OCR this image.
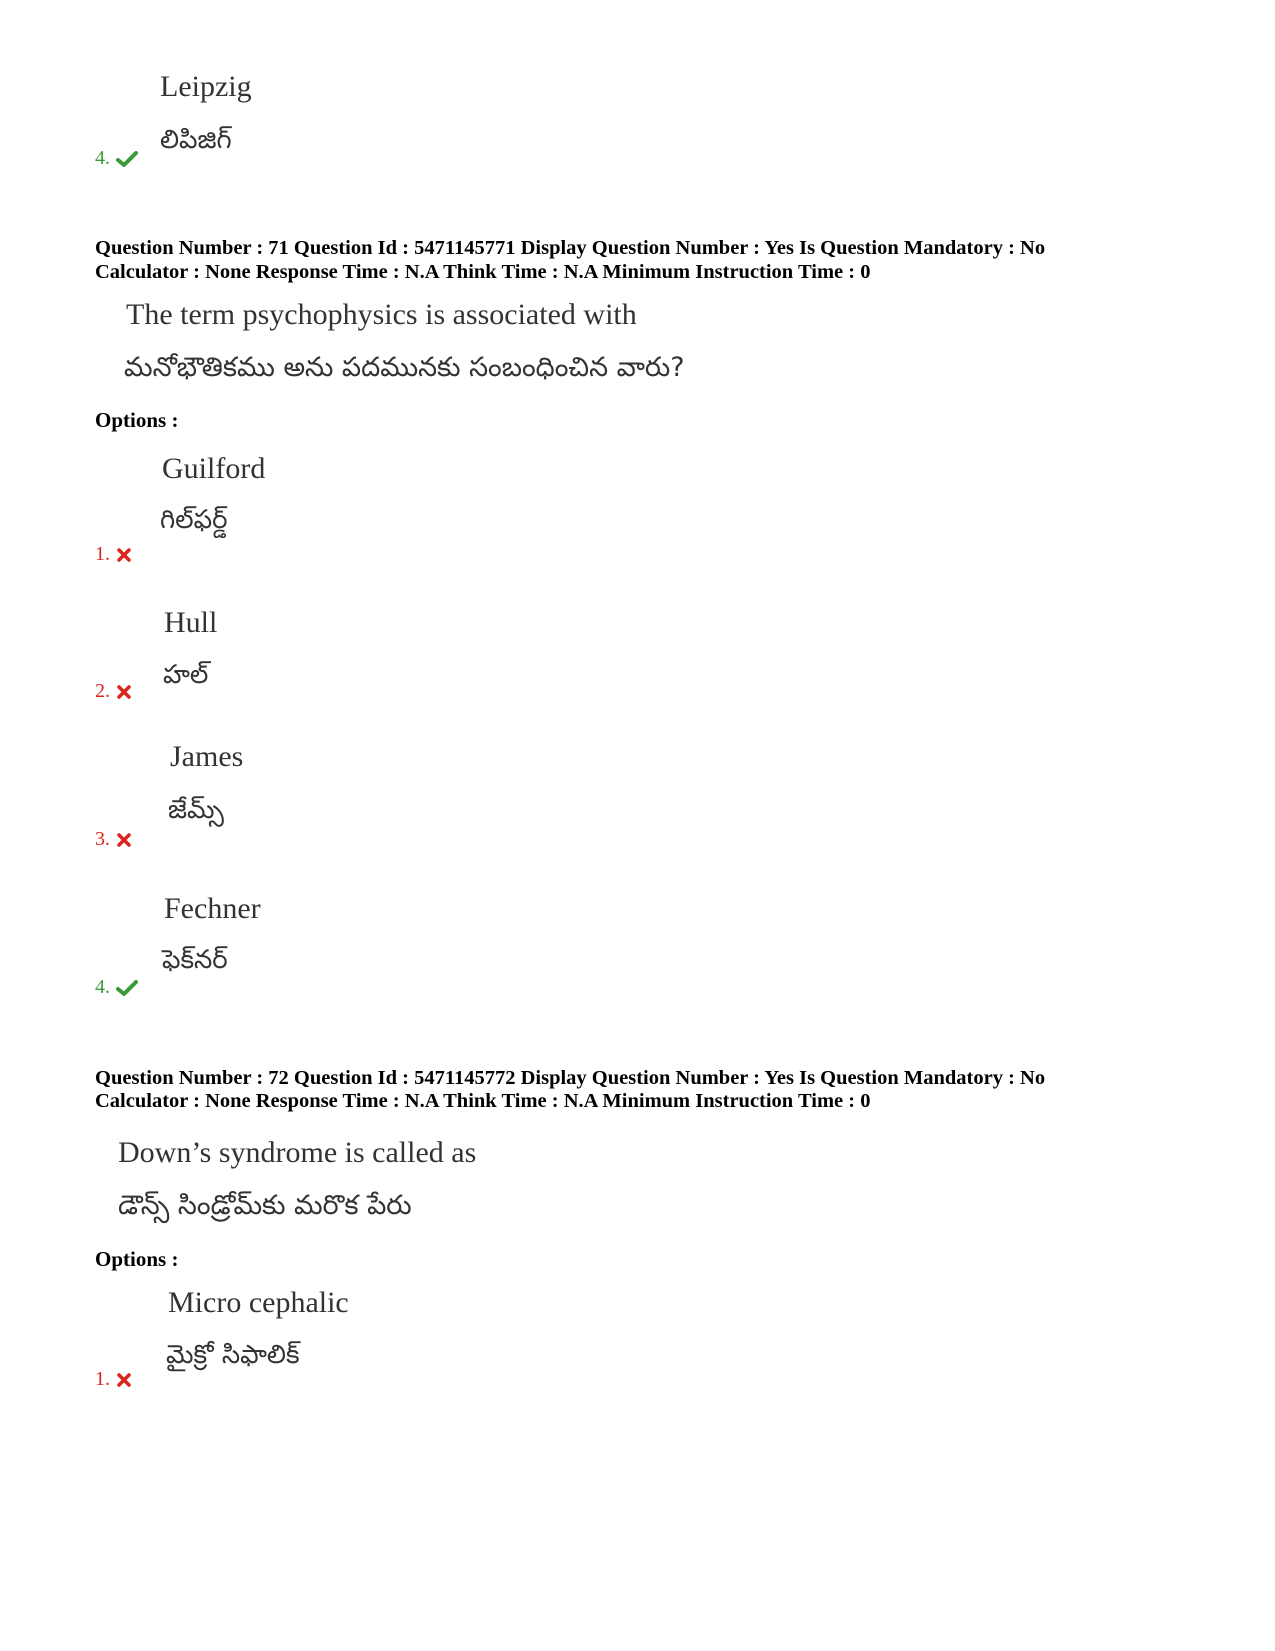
Leipzig
లిపిజిగ్
4.
Question Number : 71 Question Id : 5471145771 Display Question Number : Yes Is Question Mandatory : No
Calculator : None Response Time : N.A Think Time : N.A Minimum Instruction Time : 0
The term psychophysics is associated with
మనోభౌతికము అను పదమునకు సంబంధించిన వారు?
Options :
Guilford
గిల్‌ఫర్డ్
1.
Hull
హల్
2.
James
జేమ్స్
3.
Fechner
ఫెక్‌నర్
4.
Question Number : 72 Question Id : 5471145772 Display Question Number : Yes Is Question Mandatory : No
Calculator : None Response Time : N.A Think Time : N.A Minimum Instruction Time : 0
Down’s syndrome is called as
డౌన్స్ సిండ్రోమ్‌కు మరొక పేరు
Options :
Micro cephalic
మైక్రో సిఫాలిక్
1.
